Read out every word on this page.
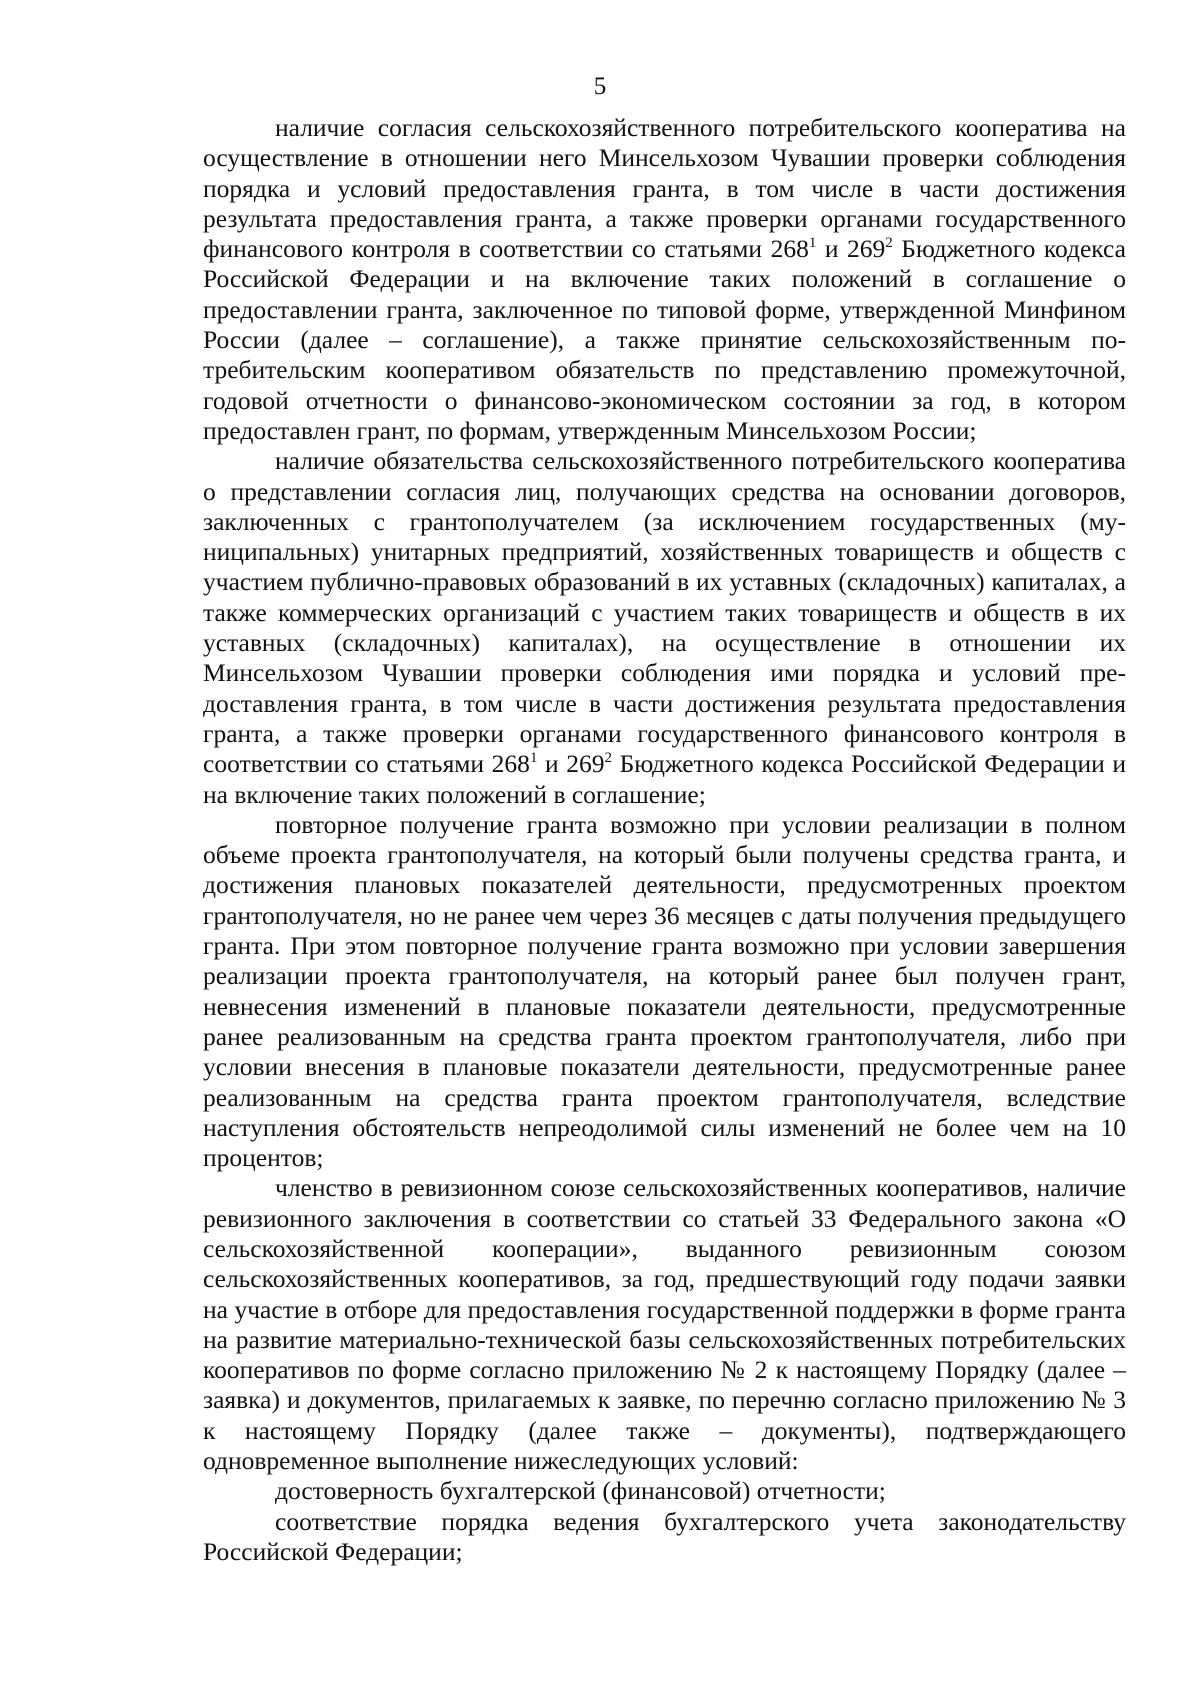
5

наличие согласия сельскохозяйственного потребительского кооператива на осуществление в отношении него Минсельхозом Чувашии проверки соблюдения порядка и условий предоставления гранта, в том числе в части достижения результата предоставления гранта, а также проверки органами государственного финансового контроля в соответствии со статьями $268^1$ и $269^2$ Бюджетного кодекса Российской Федерации и на включение таких положений в соглашение о предоставлении гранта, заключенное по типовой форме, утвержденной Минфином России (далее – соглашение), а также принятие сельскохозяйственным потребительским кооперативом обязательств по представлению промежуточной, годовой отчетности о финансово-экономическом состоянии за год, в котором предоставлен грант, по формам, утвержденным Минсельхозом России;

наличие обязательства сельскохозяйственного потребительского кооператива о представлении согласия лиц, получающих средства на основании договоров, заключенных с грантополучателем (за исключением государственных (муниципальных) унитарных предприятий, хозяйственных товариществ и обществ с участием публично-правовых образований в их уставных (складочных) капиталах, а также коммерческих организаций с участием таких товариществ и обществ в их уставных (складочных) капиталах), на осуществление в отношении их Минсельхозом Чувашии проверки соблюдения ими порядка и условий предоставления гранта, в том числе в части достижения результата предоставления гранта, а также проверки органами государственного финансового контроля в соответствии со статьями $268^1$ и $269^2$ Бюджетного кодекса Российской Федерации и на включение таких положений в соглашение;

повторное получение гранта возможно при условии реализации в полном объеме проекта грантополучателя, на который были получены средства гранта, и достижения плановых показателей деятельности, предусмотренных проектом грантополучателя, но не ранее чем через 36 месяцев с даты получения предыдущего гранта. При этом повторное получение гранта возможно при условии завершения реализации проекта грантополучателя, на который ранее был получен грант, невнесения изменений в плановые показатели деятельности, предусмотренные ранее реализованным на средства гранта проектом грантополучателя, либо при условии внесения в плановые показатели деятельности, предусмотренные ранее реализованным на средства гранта проектом грантополучателя, вследствие наступления обстоятельств непреодолимой силы изменений не более чем на 10 процентов;

членство в ревизионном союзе сельскохозяйственных кооперативов, наличие ревизионного заключения в соответствии со статьей 33 Федерального закона «О сельскохозяйственной кооперации», выданного ревизионным союзом сельскохозяйственных кооперативов, за год, предшествующий году подачи заявки на участие в отборе для предоставления государственной поддержки в форме гранта на развитие материально-технической базы сельскохозяйственных потребительских кооперативов по форме согласно приложению № 2 к настоящему Порядку (далее – заявка) и документов, прилагаемых к заявке, по перечню согласно приложению № 3 к настоящему Порядку (далее также – документы), подтверждающего одновременное выполнение нижеследующих условий:

достоверность бухгалтерской (финансовой) отчетности;

соответствие порядка ведения бухгалтерского учета законодательству Российской Федерации;
